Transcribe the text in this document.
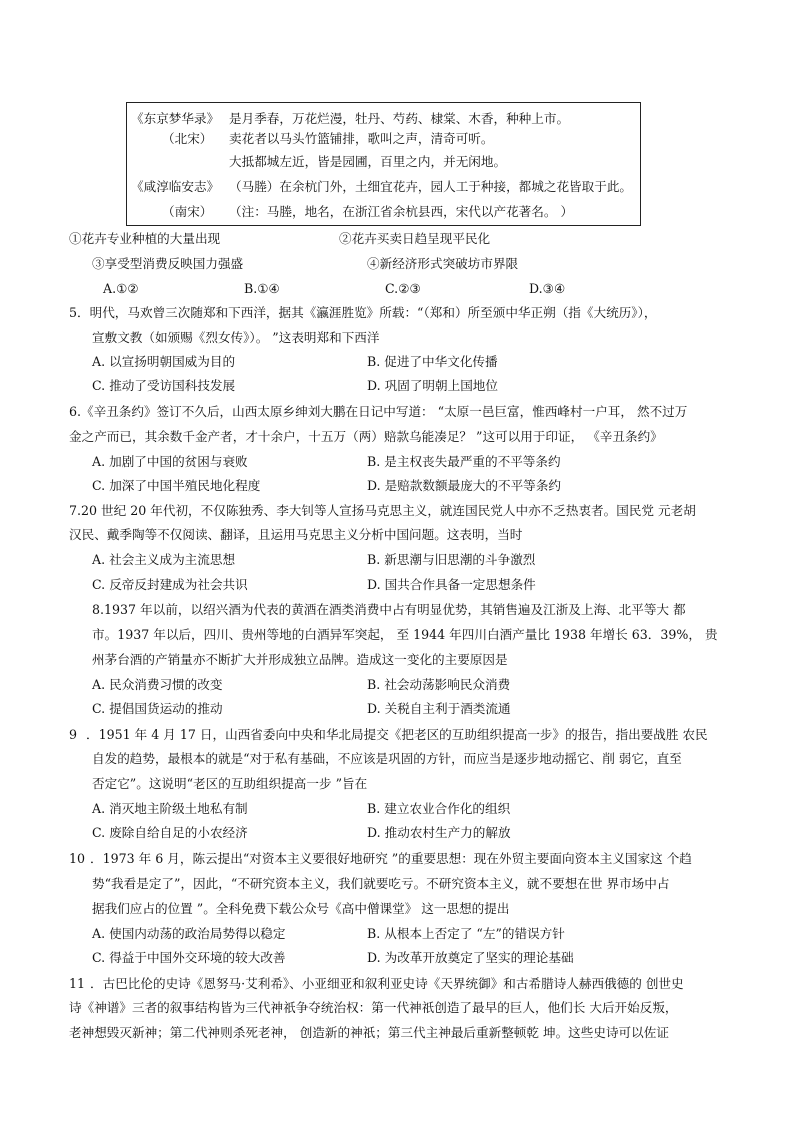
《东京梦华录》 是月季春，万花烂漫，牡丹、芍药、棣棠、木香，种种上市。
（北宋） 卖花者以马头竹篮铺排，歌叫之声，清奇可听。
大抵都城左近，皆是园圃，百里之内，并无闲地。
《咸淳临安志》 （马塍）在余杭门外，土细宜花卉，园人工于种接，都城之花皆取于此。
（南宋） （注：马塍，地名，在浙江省余杭县西，宋代以产花著名。 ）
①花卉专业种植的大量出现	②花卉买卖日趋呈现平民化
③享受型消费反映国力强盛	④新经济形式突破坊市界限
A.①②	B.①④	C.②③	D.③④
5．明代，马欢曾三次随郑和下西洋，据其《瀛涯胜览》所载：“（郑和）所至颁中华正朔（指《大统历》），
宣敷文教（如颁赐《烈女传》）。 ”这表明郑和下西洋
A. 以宣扬明朝国威为目的	B. 促进了中华文化传播
C. 推动了受访国科技发展	D. 巩固了明朝上国地位
6.《辛丑条约》签订不久后，山西太原乡绅刘大鹏在日记中写道： “太原一邑巨富，惟西峰村一户耳， 然不过万
金之产而已，其余数千金产者，才十余户，十五万（两）赔款乌能凑足？ ”这可以用于印证， 《辛丑条约》
A. 加剧了中国的贫困与衰败	B. 是主权丧失最严重的不平等条约
C. 加深了中国半殖民地化程度	D. 是赔款数额最庞大的不平等条约
7.20 世纪 20 年代初，不仅陈独秀、李大钊等人宣扬马克思主义，就连国民党人中亦不乏热衷者。国民党 元老胡
汉民、戴季陶等不仅阅读、翻译，且运用马克思主义分析中国问题。这表明，当时
A. 社会主义成为主流思想	B. 新思潮与旧思潮的斗争激烈
C. 反帝反封建成为社会共识	D. 国共合作具备一定思想条件
8.1937 年以前，以绍兴酒为代表的黄酒在酒类消费中占有明显优势，其销售遍及江浙及上海、北平等大 都
市。1937 年以后，四川、贵州等地的白酒异军突起， 至 1944 年四川白酒产量比 1938 年增长 63．39%， 贵
州茅台酒的产销量亦不断扩大并形成独立品牌。造成这一变化的主要原因是
A. 民众消费习惯的改变	B. 社会动荡影响民众消费
C. 提倡国货运动的推动	D. 关税自主利于酒类流通
9 ．1951 年 4 月 17 日，山西省委向中央和华北局提交《把老区的互助组织提高一步》的报告，指出要战胜 农民
自发的趋势，最根本的就是“对于私有基础，不应该是巩固的方针，而应当是逐步地动摇它、削 弱它，直至
否定它”。这说明“老区的互助组织提高一步 ”旨在
A. 消灭地主阶级土地私有制	B. 建立农业合作化的组织
C. 废除自给自足的小农经济	D. 推动农村生产力的解放
10 ．1973 年 6 月，陈云提出“对资本主义要很好地研究 ”的重要思想：现在外贸主要面向资本主义国家这 个趋
势“我看是定了”，因此，“不研究资本主义，我们就要吃亏。不研究资本主义，就不要想在世 界市场中占
据我们应占的位置 ”。全科免费下载公众号《高中僧课堂》 这一思想的提出
A. 使国内动荡的政治局势得以稳定	B. 从根本上否定了 “左”的错误方针
C. 得益于中国外交环境的较大改善	D. 为改革开放奠定了坚实的理论基础
11 ．古巴比伦的史诗《恩努马·艾利希》、小亚细亚和叙利亚史诗《天界统御》和古希腊诗人赫西俄德的 创世史
诗《神谱》三者的叙事结构皆为三代神祇争夺统治权：第一代神祇创造了最早的巨人，他们长 大后开始反叛，
老神想毁灭新神；第二代神则杀死老神， 创造新的神祇；第三代主神最后重新整顿乾 坤。这些史诗可以佐证
